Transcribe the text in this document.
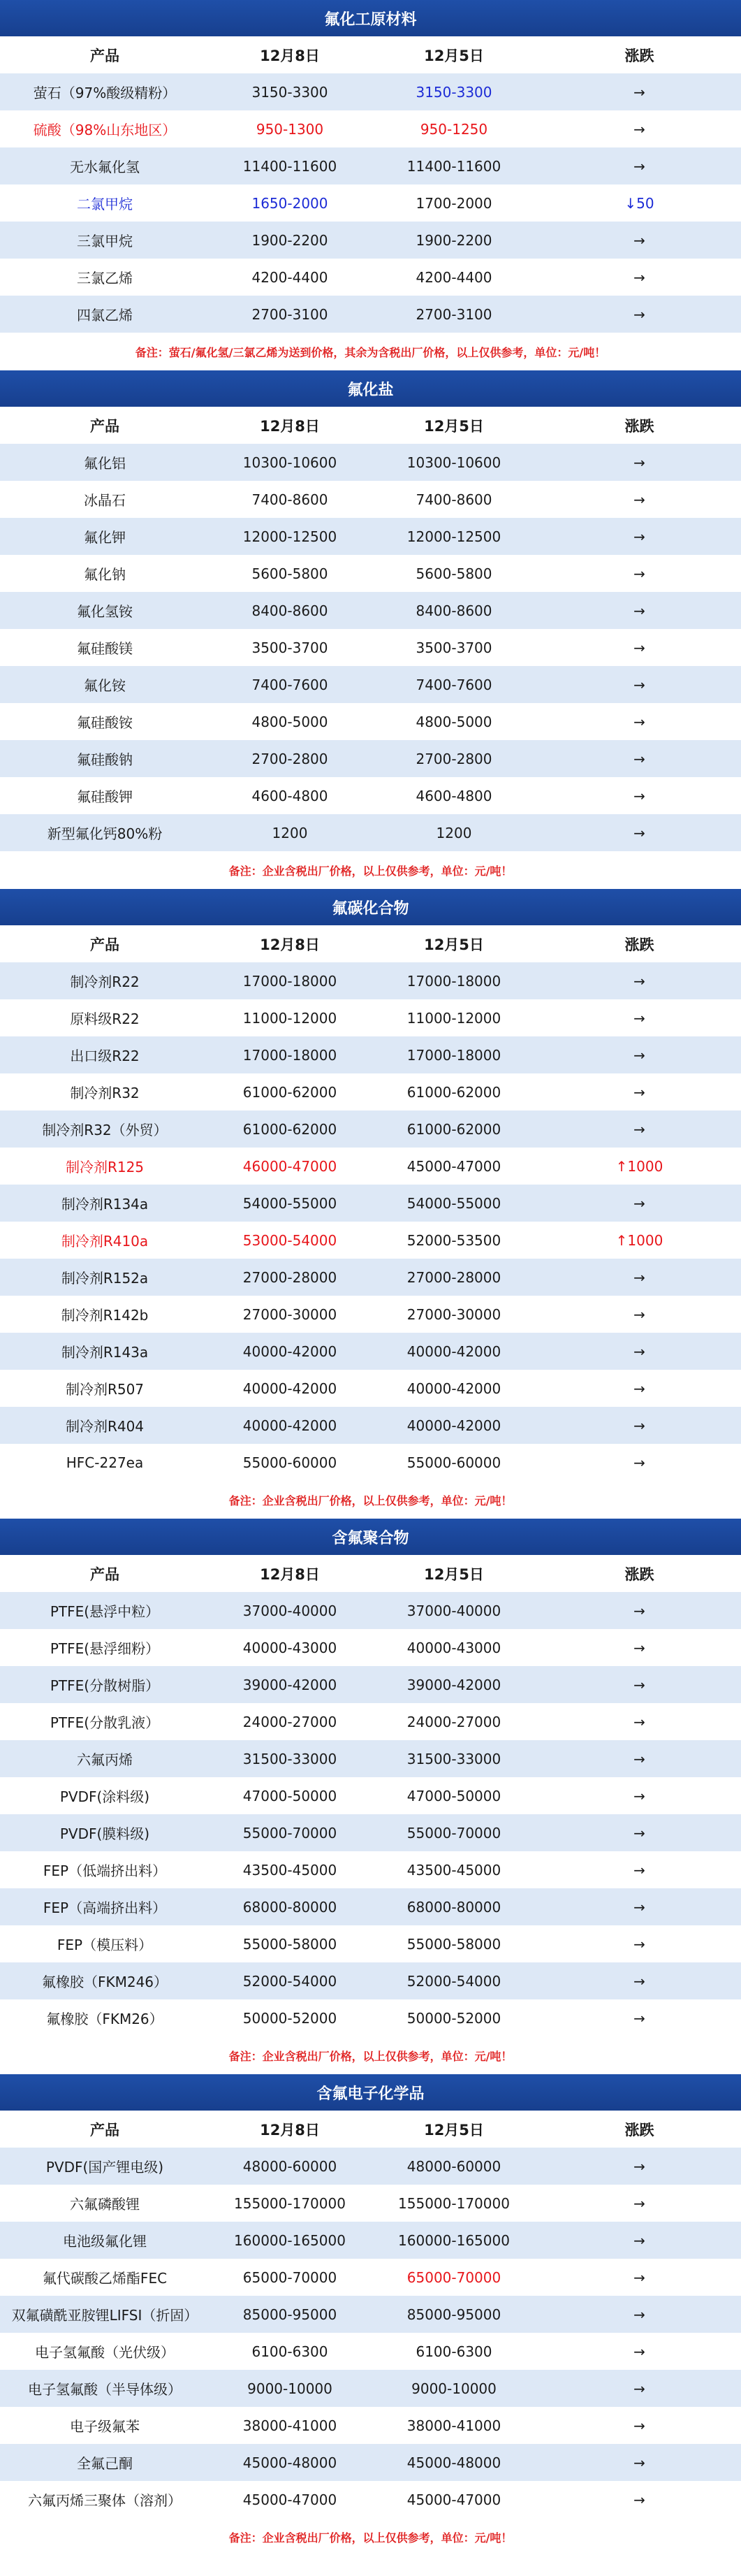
氟化工原材料
产品	12月8日	12月5日	涨跌
萤石（97%酸级精粉）	3150-3300	3150-3300	→
硫酸（98%山东地区）	950-1300	950-1250	→
无水氟化氢	11400-11600	11400-11600	→
二氯甲烷	1650-2000	1700-2000	↓50
三氯甲烷	1900-2200	1900-2200	→
三氯乙烯	4200-4400	4200-4400	→
四氯乙烯	2700-3100	2700-3100	→
备注：萤石/氟化氢/三氯乙烯为送到价格，其余为含税出厂价格，以上仅供参考，单位：元/吨！
氟化盐
产品	12月8日	12月5日	涨跌
氟化铝	10300-10600	10300-10600	→
冰晶石	7400-8600	7400-8600	→
氟化钾	12000-12500	12000-12500	→
氟化钠	5600-5800	5600-5800	→
氟化氢铵	8400-8600	8400-8600	→
氟硅酸镁	3500-3700	3500-3700	→
氟化铵	7400-7600	7400-7600	→
氟硅酸铵	4800-5000	4800-5000	→
氟硅酸钠	2700-2800	2700-2800	→
氟硅酸钾	4600-4800	4600-4800	→
新型氟化钙80%粉	1200	1200	→
备注：企业含税出厂价格，以上仅供参考，单位：元/吨！
氟碳化合物
产品	12月8日	12月5日	涨跌
制冷剂R22	17000-18000	17000-18000	→
原料级R22	11000-12000	11000-12000	→
出口级R22	17000-18000	17000-18000	→
制冷剂R32	61000-62000	61000-62000	→
制冷剂R32（外贸）	61000-62000	61000-62000	→
制冷剂R125	46000-47000	45000-47000	↑1000
制冷剂R134a	54000-55000	54000-55000	→
制冷剂R410a	53000-54000	52000-53500	↑1000
制冷剂R152a	27000-28000	27000-28000	→
制冷剂R142b	27000-30000	27000-30000	→
制冷剂R143a	40000-42000	40000-42000	→
制冷剂R507	40000-42000	40000-42000	→
制冷剂R404	40000-42000	40000-42000	→
HFC-227ea	55000-60000	55000-60000	→
备注：企业含税出厂价格，以上仅供参考，单位：元/吨！
含氟聚合物
产品	12月8日	12月5日	涨跌
PTFE(悬浮中粒）	37000-40000	37000-40000	→
PTFE(悬浮细粉）	40000-43000	40000-43000	→
PTFE(分散树脂）	39000-42000	39000-42000	→
PTFE(分散乳液）	24000-27000	24000-27000	→
六氟丙烯	31500-33000	31500-33000	→
PVDF(涂料级)	47000-50000	47000-50000	→
PVDF(膜料级)	55000-70000	55000-70000	→
FEP（低端挤出料）	43500-45000	43500-45000	→
FEP（高端挤出料）	68000-80000	68000-80000	→
FEP（模压料）	55000-58000	55000-58000	→
氟橡胶（FKM246）	52000-54000	52000-54000	→
氟橡胶（FKM26）	50000-52000	50000-52000	→
备注：企业含税出厂价格，以上仅供参考，单位：元/吨！
含氟电子化学品
产品	12月8日	12月5日	涨跌
PVDF(国产锂电级)	48000-60000	48000-60000	→
六氟磷酸锂	155000-170000	155000-170000	→
电池级氟化锂	160000-165000	160000-165000	→
氟代碳酸乙烯酯FEC	65000-70000	65000-70000	→
双氟磺酰亚胺锂LIFSI（折固）	85000-95000	85000-95000	→
电子氢氟酸（光伏级）	6100-6300	6100-6300	→
电子氢氟酸（半导体级）	9000-10000	9000-10000	→
电子级氟苯	38000-41000	38000-41000	→
全氟己酮	45000-48000	45000-48000	→
六氟丙烯三聚体（溶剂）	45000-47000	45000-47000	→
备注：企业含税出厂价格，以上仅供参考，单位：元/吨！
